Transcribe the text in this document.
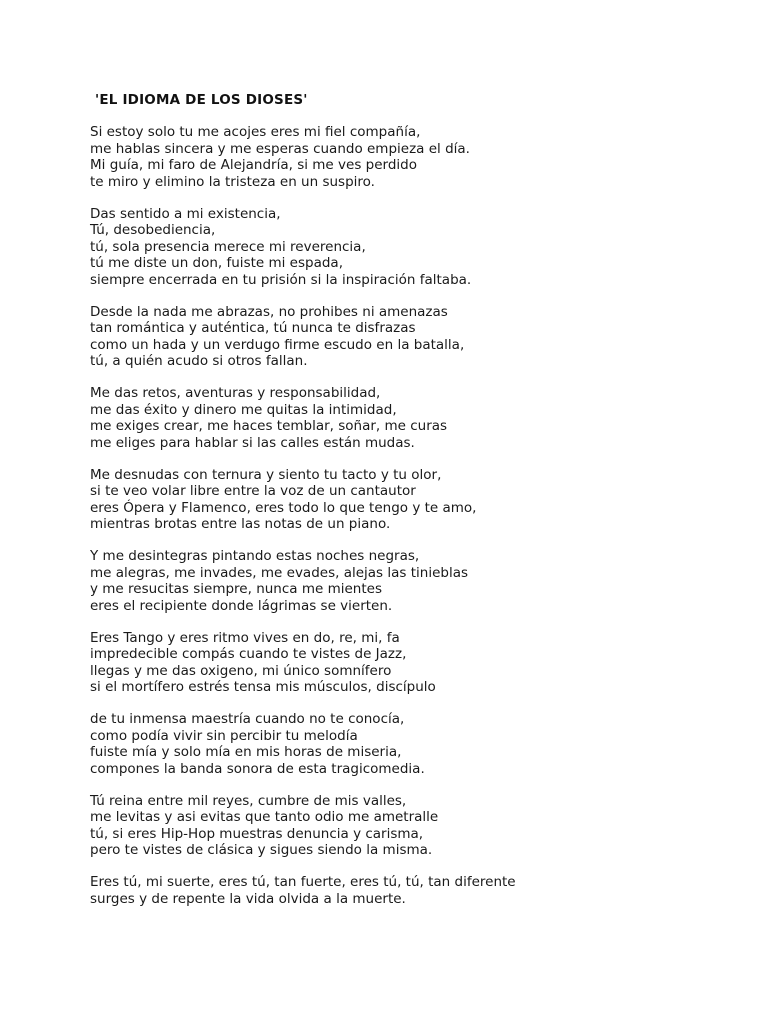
'EL IDIOMA DE LOS DIOSES'
Si estoy solo tu me acojes eres mi fiel compañía,
me hablas sincera y me esperas cuando empieza el día.
Mi guía, mi faro de Alejandría, si me ves perdido
te miro y elimino la tristeza en un suspiro.
Das sentido a mi existencia,
Tú, desobediencia,
tú, sola presencia merece mi reverencia,
tú me diste un don, fuiste mi espada,
siempre encerrada en tu prisión si la inspiración faltaba.
Desde la nada me abrazas, no prohibes ni amenazas
tan romántica y auténtica, tú nunca te disfrazas
como un hada y un verdugo firme escudo en la batalla,
tú, a quién acudo si otros fallan.
Me das retos, aventuras y responsabilidad,
me das éxito y dinero me quitas la intimidad,
me exiges crear, me haces temblar, soñar, me curas
me eliges para hablar si las calles están mudas.
Me desnudas con ternura y siento tu tacto y tu olor,
si te veo volar libre entre la voz de un cantautor
eres Ópera y Flamenco, eres todo lo que tengo y te amo,
mientras brotas entre las notas de un piano.
Y me desintegras pintando estas noches negras,
me alegras, me invades, me evades, alejas las tinieblas
y me resucitas siempre, nunca me mientes
eres el recipiente donde lágrimas se vierten.
Eres Tango y eres ritmo vives en do, re, mi, fa
impredecible compás cuando te vistes de Jazz,
llegas y me das oxigeno, mi único somnífero
si el mortífero estrés tensa mis músculos, discípulo
de tu inmensa maestría cuando no te conocía,
como podía vivir sin percibir tu melodía
fuiste mía y solo mía en mis horas de miseria,
compones la banda sonora de esta tragicomedia.
Tú reina entre mil reyes, cumbre de mis valles,
me levitas y asi evitas que tanto odio me ametralle
tú, si eres Hip-Hop muestras denuncia y carisma,
pero te vistes de clásica y sigues siendo la misma.
Eres tú, mi suerte, eres tú, tan fuerte, eres tú, tú, tan diferente
surges y de repente la vida olvida a la muerte.
